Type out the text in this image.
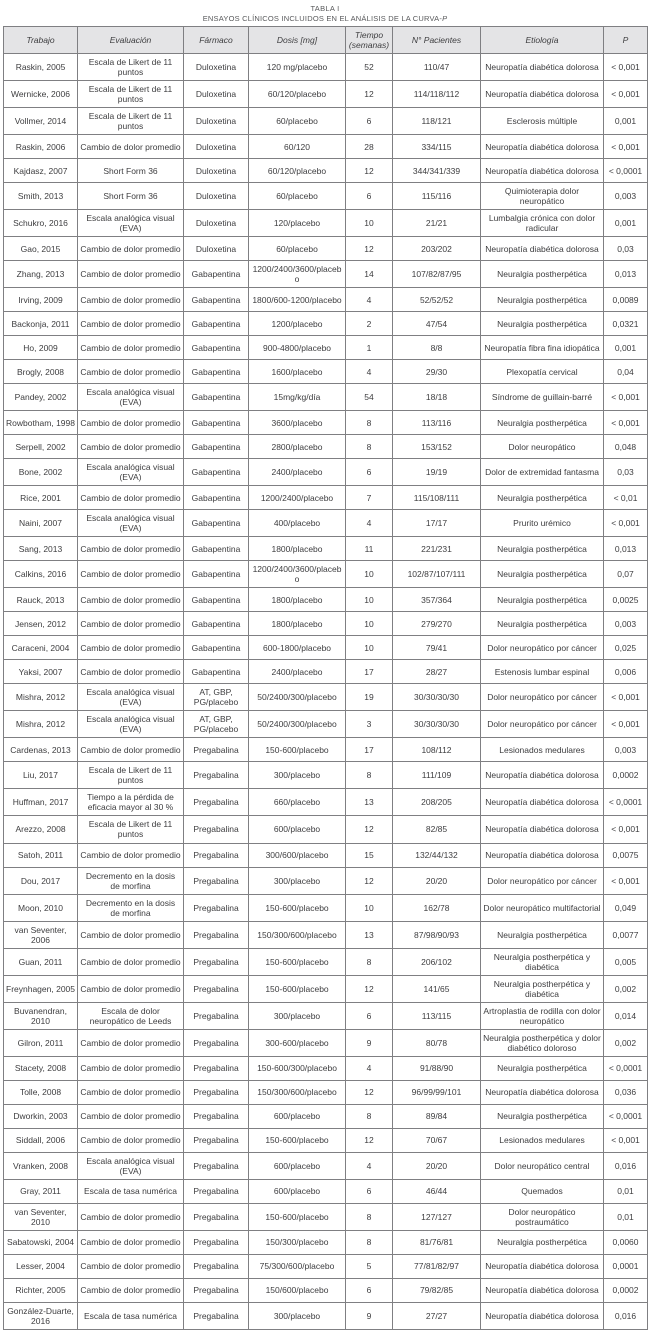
TABLA I
ENSAYOS CLÍNICOS INCLUIDOS EN EL ANÁLISIS DE LA CURVA-P
Trabajo	Evaluación	Fármaco	Dosis [mg]	Tiempo (semanas)	N° Pacientes	Etiología	P
Raskin, 2005	Escala de Likert de 11 puntos	Duloxetina	120 mg/placebo	52	110/47	Neuropatía diabética dolorosa	< 0,001
Wernicke, 2006	Escala de Likert de 11 puntos	Duloxetina	60/120/placebo	12	114/118/112	Neuropatía diabética dolorosa	< 0,001
Vollmer, 2014	Escala de Likert de 11 puntos	Duloxetina	60/placebo	6	118/121	Esclerosis múltiple	0,001
Raskin, 2006	Cambio de dolor promedio	Duloxetina	60/120	28	334/115	Neuropatía diabética dolorosa	< 0,001
Kajdasz, 2007	Short Form 36	Duloxetina	60/120/placebo	12	344/341/339	Neuropatía diabética dolorosa	< 0,0001
Smith, 2013	Short Form 36	Duloxetina	60/placebo	6	115/116	Quimioterapia dolor neuropático	0,003
Schukro, 2016	Escala analógica visual (EVA)	Duloxetina	120/placebo	10	21/21	Lumbalgia crónica con dolor radicular	0,001
Gao, 2015	Cambio de dolor promedio	Duloxetina	60/placebo	12	203/202	Neuropatía diabética dolorosa	0,03
Zhang, 2013	Cambio de dolor promedio	Gabapentina	1200/2400/3600/placebo	14	107/82/87/95	Neuralgia postherpética	0,013
Irving, 2009	Cambio de dolor promedio	Gabapentina	1800/600-1200/placebo	4	52/52/52	Neuralgia postherpética	0,0089
Backonja, 2011	Cambio de dolor promedio	Gabapentina	1200/placebo	2	47/54	Neuralgia postherpética	0,0321
Ho, 2009	Cambio de dolor promedio	Gabapentina	900-4800/placebo	1	8/8	Neuropatía fibra fina idiopática	0,001
Brogly, 2008	Cambio de dolor promedio	Gabapentina	1600/placebo	4	29/30	Plexopatía cervical	0,04
Pandey, 2002	Escala analógica visual (EVA)	Gabapentina	15mg/kg/día	54	18/18	Síndrome de guillain-barré	< 0,001
Rowbotham, 1998	Cambio de dolor promedio	Gabapentina	3600/placebo	8	113/116	Neuralgia postherpética	< 0,001
Serpell, 2002	Cambio de dolor promedio	Gabapentina	2800/placebo	8	153/152	Dolor neuropático	0,048
Bone, 2002	Escala analógica visual (EVA)	Gabapentina	2400/placebo	6	19/19	Dolor de extremidad fantasma	0,03
Rice, 2001	Cambio de dolor promedio	Gabapentina	1200/2400/placebo	7	115/108/111	Neuralgia postherpética	< 0,01
Naini, 2007	Escala analógica visual (EVA)	Gabapentina	400/placebo	4	17/17	Prurito urémico	< 0,001
Sang, 2013	Cambio de dolor promedio	Gabapentina	1800/placebo	11	221/231	Neuralgia postherpética	0,013
Calkins, 2016	Cambio de dolor promedio	Gabapentina	1200/2400/3600/placebo	10	102/87/107/111	Neuralgia postherpética	0,07
Rauck, 2013	Cambio de dolor promedio	Gabapentina	1800/placebo	10	357/364	Neuralgia postherpética	0,0025
Jensen, 2012	Cambio de dolor promedio	Gabapentina	1800/placebo	10	279/270	Neuralgia postherpética	0,003
Caraceni, 2004	Cambio de dolor promedio	Gabapentina	600-1800/placebo	10	79/41	Dolor neuropático por cáncer	0,025
Yaksi, 2007	Cambio de dolor promedio	Gabapentina	2400/placebo	17	28/27	Estenosis lumbar espinal	0,006
Mishra, 2012	Escala analógica visual (EVA)	AT, GBP, PG/placebo	50/2400/300/placebo	19	30/30/30/30	Dolor neuropático por cáncer	< 0,001
Mishra, 2012	Escala analógica visual (EVA)	AT, GBP, PG/placebo	50/2400/300/placebo	3	30/30/30/30	Dolor neuropático por cáncer	< 0,001
Cardenas, 2013	Cambio de dolor promedio	Pregabalina	150-600/placebo	17	108/112	Lesionados medulares	0,003
Liu, 2017	Escala de Likert de 11 puntos	Pregabalina	300/placebo	8	111/109	Neuropatía diabética dolorosa	0,0002
Huffman, 2017	Tiempo a la pérdida de eficacia mayor al 30 %	Pregabalina	660/placebo	13	208/205	Neuropatía diabética dolorosa	< 0,0001
Arezzo, 2008	Escala de Likert de 11 puntos	Pregabalina	600/placebo	12	82/85	Neuropatía diabética dolorosa	< 0,001
Satoh, 2011	Cambio de dolor promedio	Pregabalina	300/600/placebo	15	132/44/132	Neuropatía diabética dolorosa	0,0075
Dou, 2017	Decremento en la dosis de morfina	Pregabalina	300/placebo	12	20/20	Dolor neuropático por cáncer	< 0,001
Moon, 2010	Decremento en la dosis de morfina	Pregabalina	150-600/placebo	10	162/78	Dolor neuropático multifactorial	0,049
van Seventer, 2006	Cambio de dolor promedio	Pregabalina	150/300/600/placebo	13	87/98/90/93	Neuralgia postherpética	0,0077
Guan, 2011	Cambio de dolor promedio	Pregabalina	150-600/placebo	8	206/102	Neuralgia postherpética y diabética	0,005
Freynhagen, 2005	Cambio de dolor promedio	Pregabalina	150-600/placebo	12	141/65	Neuralgia postherpética y diabética	0,002
Buvanendran, 2010	Escala de dolor neuropático de Leeds	Pregabalina	300/placebo	6	113/115	Artroplastia de rodilla con dolor neuropático	0,014
Gilron, 2011	Cambio de dolor promedio	Pregabalina	300-600/placebo	9	80/78	Neuralgia postherpética y dolor diabético doloroso	0,002
Stacety, 2008	Cambio de dolor promedio	Pregabalina	150-600/300/placebo	4	91/88/90	Neuralgia postherpética	< 0,0001
Tolle, 2008	Cambio de dolor promedio	Pregabalina	150/300/600/placebo	12	96/99/99/101	Neuropatía diabética dolorosa	0,036
Dworkin, 2003	Cambio de dolor promedio	Pregabalina	600/placebo	8	89/84	Neuralgia postherpética	< 0,0001
Siddall, 2006	Cambio de dolor promedio	Pregabalina	150-600/placebo	12	70/67	Lesionados medulares	< 0,001
Vranken, 2008	Escala analógica visual (EVA)	Pregabalina	600/placebo	4	20/20	Dolor neuropático central	0,016
Gray, 2011	Escala de tasa numérica	Pregabalina	600/placebo	6	46/44	Quemados	0,01
van Seventer, 2010	Cambio de dolor promedio	Pregabalina	150-600/placebo	8	127/127	Dolor neuropático postraumático	0,01
Sabatowski, 2004	Cambio de dolor promedio	Pregabalina	150/300/placebo	8	81/76/81	Neuralgia postherpética	0,0060
Lesser, 2004	Cambio de dolor promedio	Pregabalina	75/300/600/placebo	5	77/81/82/97	Neuropatía diabética dolorosa	0,0001
Richter, 2005	Cambio de dolor promedio	Pregabalina	150/600/placebo	6	79/82/85	Neuropatía diabética dolorosa	0,0002
González-Duarte, 2016	Escala de tasa numérica	Pregabalina	300/placebo	9	27/27	Neuropatía diabética dolorosa	0,016
